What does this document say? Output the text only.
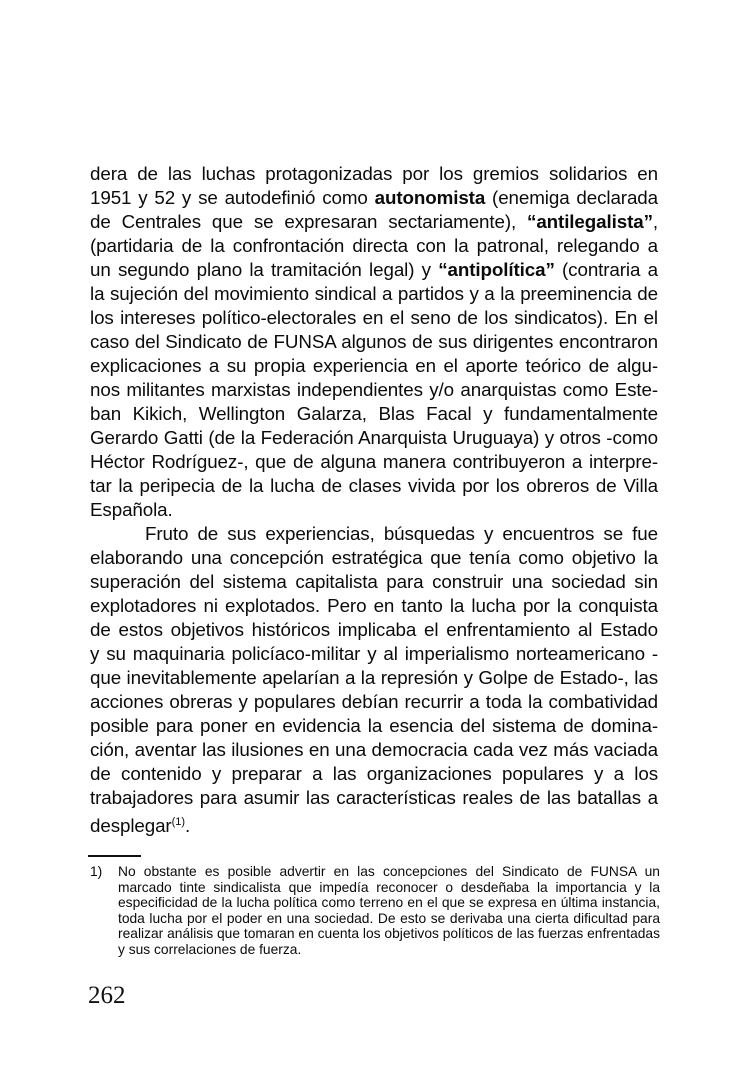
dera de las luchas protagonizadas por los gremios solidarios en
1951 y 52 y se autodefinió como autonomista (enemiga declarada
de Centrales que se expresaran sectariamente), “antilegalista”,
(partidaria de la confrontación directa con la patronal, relegando a
un segundo plano la tramitación legal) y “antipolítica” (contraria a
la sujeción del movimiento sindical a partidos y a la preeminencia de
los intereses político-electorales en el seno de los sindicatos). En el
caso del Sindicato de FUNSA algunos de sus dirigentes encontraron
explicaciones a su propia experiencia en el aporte teórico de algu-
nos militantes marxistas independientes y/o anarquistas como Este-
ban Kikich, Wellington Galarza, Blas Facal y fundamentalmente
Gerardo Gatti (de la Federación Anarquista Uruguaya) y otros -como
Héctor Rodríguez-, que de alguna manera contribuyeron a interpre-
tar la peripecia de la lucha de clases vivida por los obreros de Villa
Española.
Fruto de sus experiencias, búsquedas y encuentros se fue
elaborando una concepción estratégica que tenía como objetivo la
superación del sistema capitalista para construir una sociedad sin
explotadores ni explotados. Pero en tanto la lucha por la conquista
de estos objetivos históricos implicaba el enfrentamiento al Estado
y su maquinaria policíaco-militar y al imperialismo norteamericano -
que inevitablemente apelarían a la represión y Golpe de Estado-, las
acciones obreras y populares debían recurrir a toda la combatividad
posible para poner en evidencia la esencia del sistema de domina-
ción, aventar las ilusiones en una democracia cada vez más vaciada
de contenido y preparar a las organizaciones populares y a los
trabajadores para asumir las características reales de las batallas a
desplegar$^{(1)}$.
1) No obstante es posible advertir en las concepciones del Sindicato de FUNSA un
marcado tinte sindicalista que impedía reconocer o desdeñaba la importancia y la
especificidad de la lucha política como terreno en el que se expresa en última instancia,
toda lucha por el poder en una sociedad. De esto se derivaba una cierta dificultad para
realizar análisis que tomaran en cuenta los objetivos políticos de las fuerzas enfrentadas
y sus correlaciones de fuerza.
262
